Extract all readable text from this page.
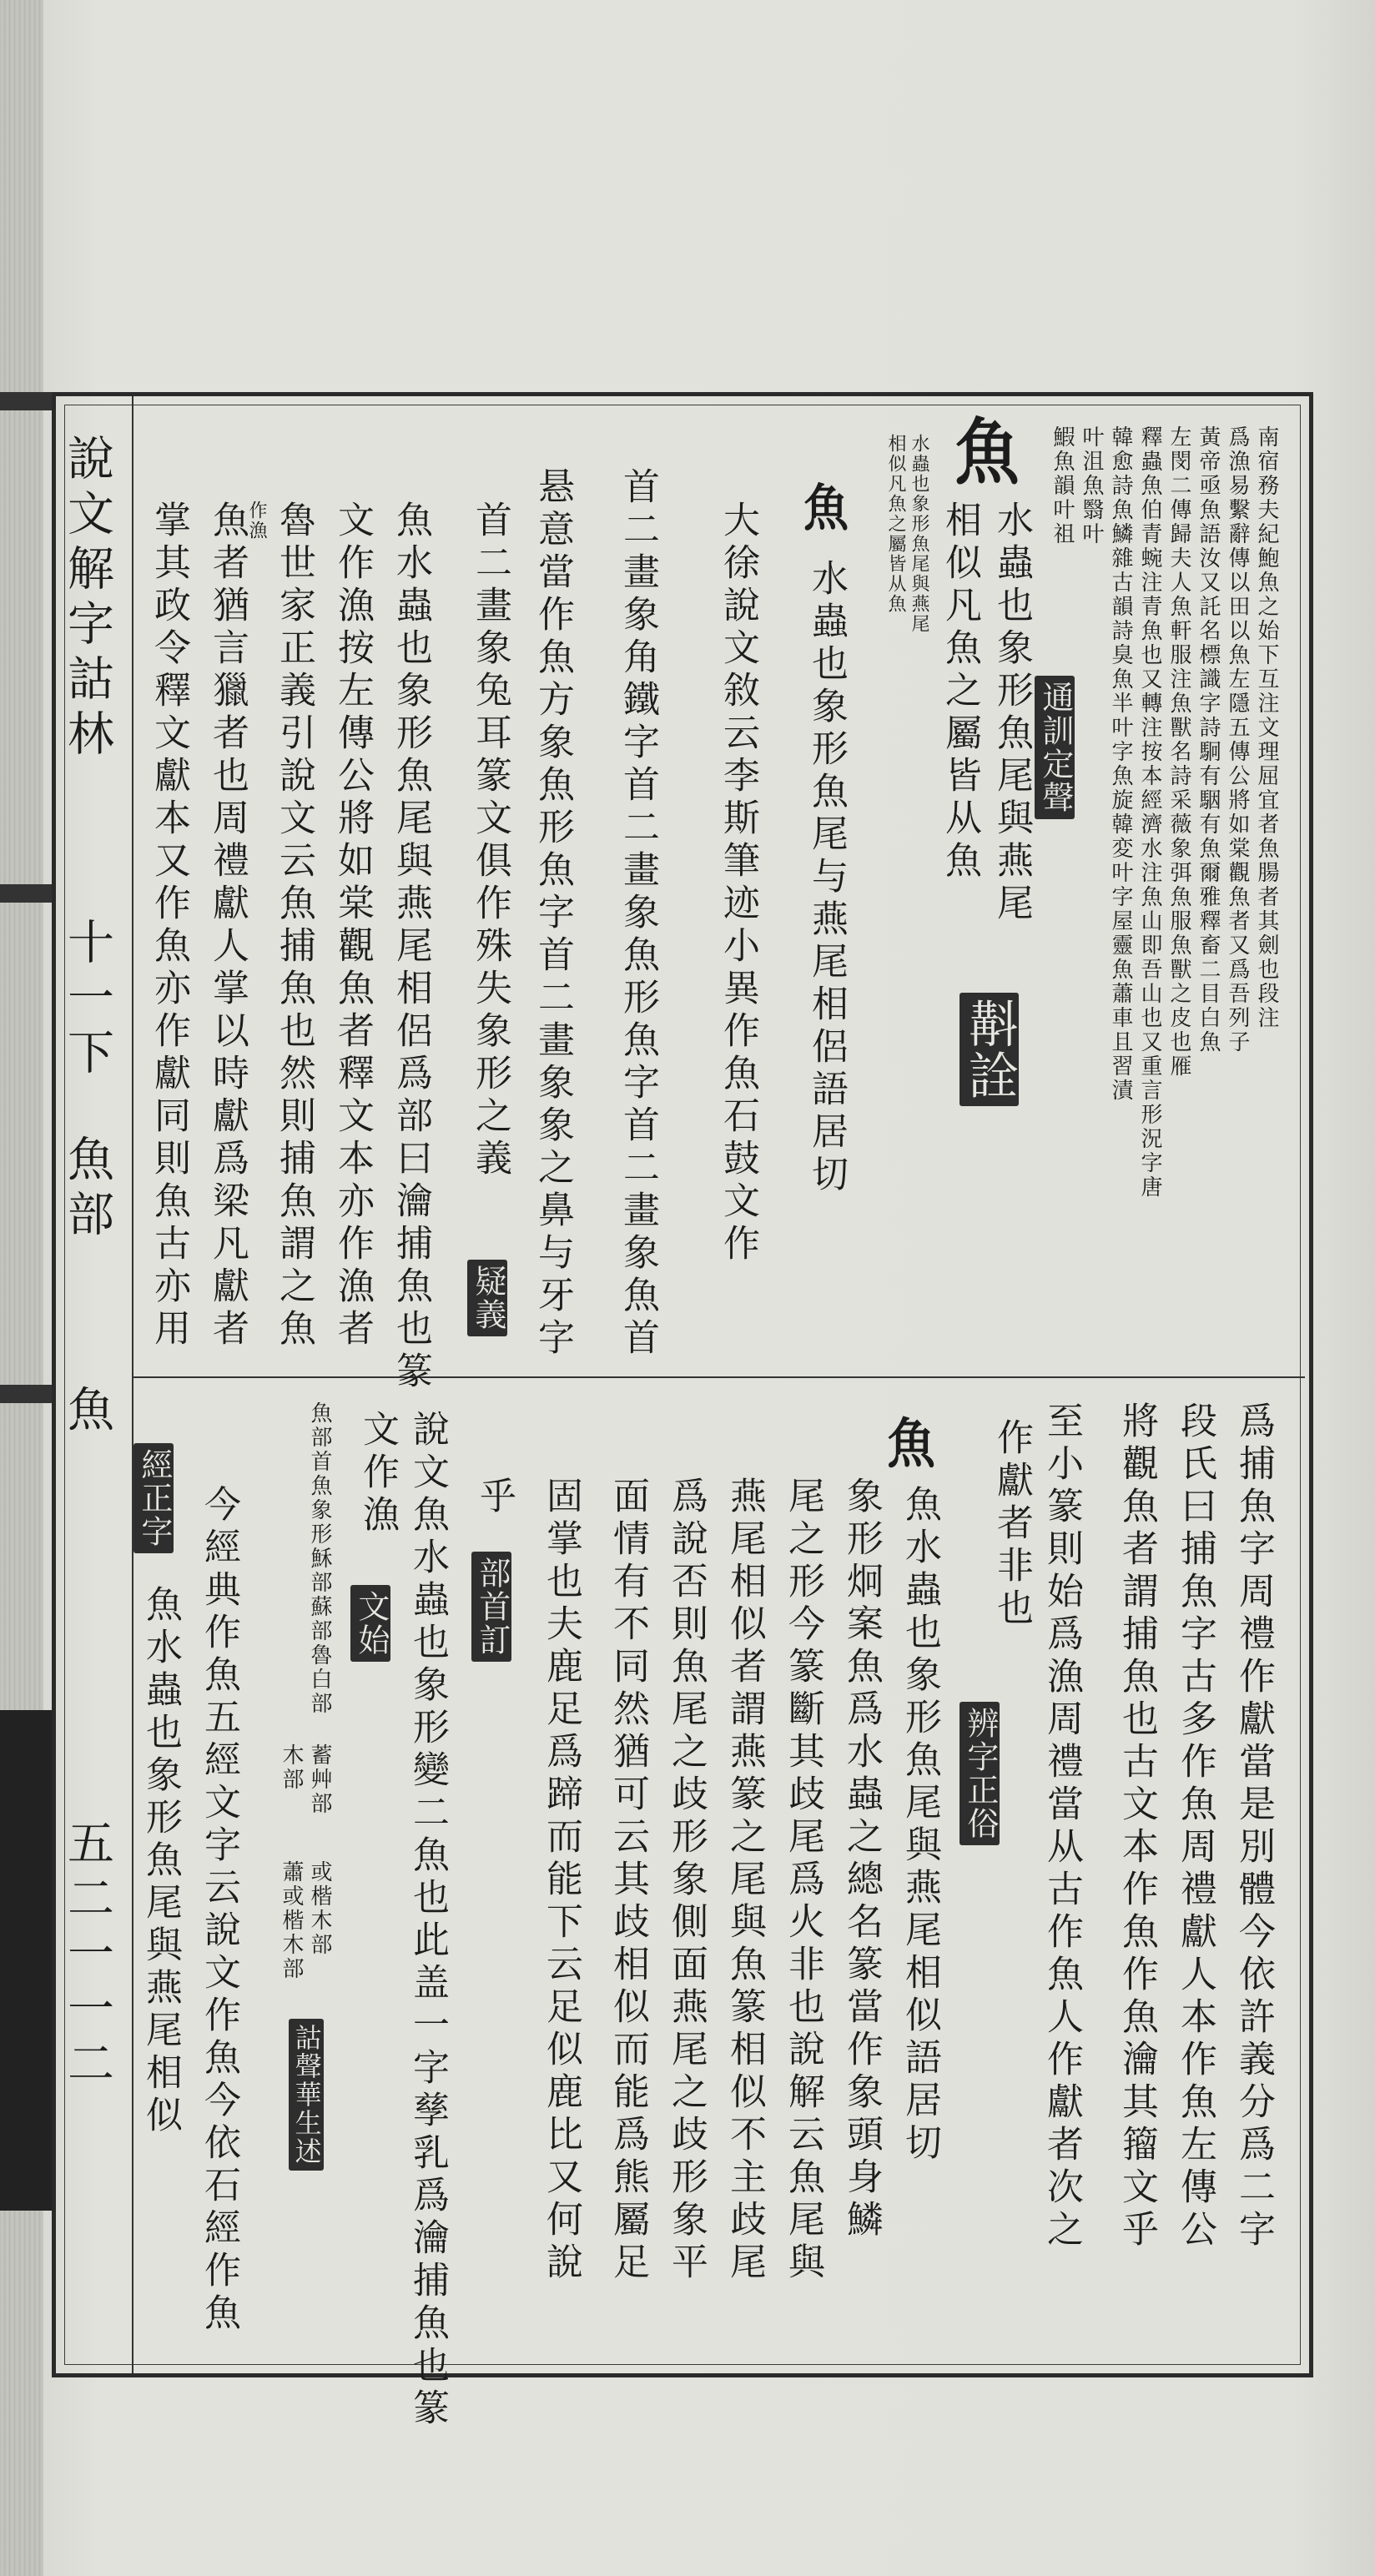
說文解字詁林
十一下
魚部
魚
五二一一二
魚
水蟲也象形魚尾與燕尾
相似凡魚之屬皆从魚
水蟲也象形魚尾與燕尾
相似凡魚之屬皆从魚
通訓定聲
斠詮
南宿務夫紀鮑魚之始下互注文理屈宜者魚腸者其劍也段注
爲漁易繫辭傳以田以魚左隱五傳公將如棠觀魚者又爲吾列子
黃帝亟魚語汝又託名標識字詩駉有駰有魚爾雅釋畜二目白魚
左閔二傳歸夫人魚軒服注魚獸名詩采薇象弭魚服魚獸之皮也雁
釋蟲魚伯青蜿注青魚也又轉注按本經濟水注魚山即吾山也又重言形況字唐
韓愈詩魚鱗雜古韻詩臭魚半叶字魚旋韓変叶字屋靈魚蕭車且習漬
叶沮魚翳叶
鰕魚韻叶祖
魚
水蟲也象形魚尾与燕尾相侶語居切
大徐說文敘云李斯筆迹小異作魚石鼓文作
首二畫象角鐵字首二畫象魚形魚字首二畫象魚首
悬意當作魚方象魚形魚字首二畫象象之鼻与牙字
首二畫象兔耳篆文俱作殊失象形之義
疑義
魚水蟲也象形魚尾與燕尾相侶爲部曰瀹捕魚也篆
文作漁按左傳公將如棠觀魚者釋文本亦作漁者
魯世家正義引說文云魚捕魚也然則捕魚謂之魚
作漁
魚者猶言獵者也周禮獻人掌以時獻爲梁凡獻者
掌其政令釋文獻本又作魚亦作獻同則魚古亦用
爲捕魚字周禮作獻當是別體今依許義分爲二字
段氏曰捕魚字古多作魚周禮獻人本作魚左傳公
將觀魚者謂捕魚也古文本作魚作魚瀹其籀文乎
至小篆則始爲漁周禮當从古作魚人作獻者次之
作獻者非也
辨字正俗
魚
魚水蟲也象形魚尾與燕尾相似語居切
象形炯案魚爲水蟲之總名篆當作象頭身鱗
尾之形今篆斷其歧尾爲火非也說解云魚尾與
燕尾相似者謂燕篆之尾與魚篆相似不主歧尾
爲說否則魚尾之歧形象側面燕尾之歧形象平
面情有不同然猶可云其歧相似而能爲熊屬足
固掌也夫鹿足爲蹄而能下云足似鹿比又何說
乎
部首訂
說文魚水蟲也象形變二魚也此盖一字孳乳爲瀹捕魚也篆
文作漁
文始
魚部首魚象形穌部蘇部魯白部
木部 蓄艸部
或楷木部
蕭或楷木部
詁聲華生述
經正字 今經典作魚五經文字云說文作魚今依石經作魚
魚水蟲也象形魚尾與燕尾相似
